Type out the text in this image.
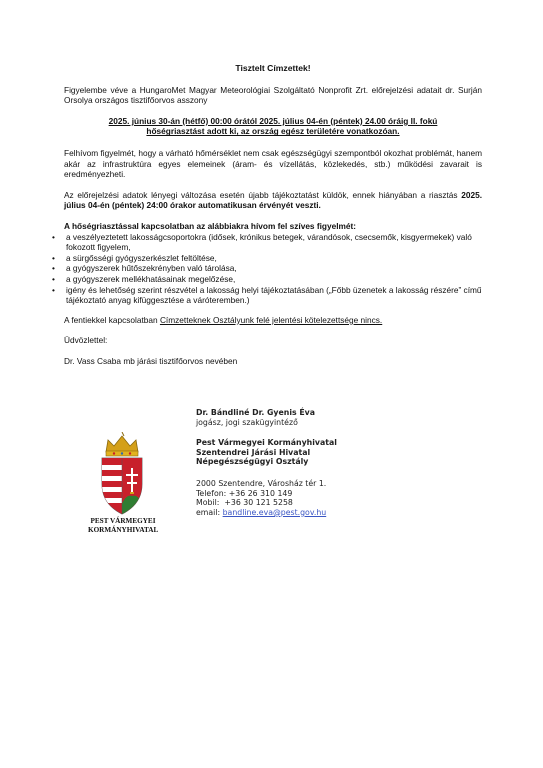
Tisztelt Címzettek!

Figyelembe véve a HungaroMet Magyar Meteorológiai Szolgáltató Nonprofit Zrt. előrejelzési adatait dr. Surján Orsolya országos tisztifőorvos asszony

2025. június 30-án (hétfő) 00:00 órától 2025. július 04-én (péntek) 24.00 óráig II. fokú
hőségriasztást adott ki, az ország egész területére vonatkozóan.

Felhívom figyelmét, hogy a várható hőmérséklet nem csak egészségügyi szempontból okozhat problémát, hanem akár az infrastruktúra egyes elemeinek (áram- és vízellátás, közlekedés, stb.) működési zavarait is eredményezheti.

Az előrejelzési adatok lényegi változása esetén újabb tájékoztatást küldök, ennek hiányában a riasztás 2025. július 04-én (péntek) 24:00 órakor automatikusan érvényét veszti.

A hőségriasztással kapcsolatban az alábbiakra hívom fel szíves figyelmét:
• a veszélyeztetett lakosságcsoportokra (idősek, krónikus betegek, várandósok, csecsemők, kisgyermekek) való fokozott figyelem,
• a sürgősségi gyógyszerkészlet feltöltése,
• a gyógyszerek hűtőszekrényben való tárolása,
• a gyógyszerek mellékhatásainak megelőzése,
• igény és lehetőség szerint részvétel a lakosság helyi tájékoztatásában („Főbb üzenetek a lakosság részére” című tájékoztató anyag kifüggesztése a váróteremben.)

A fentiekkel kapcsolatban Címzetteknek Osztályunk felé jelentési kötelezettsége nincs.

Üdvözlettel:

Dr. Vass Csaba mb járási tisztifőorvos nevében

PEST VÁRMEGYEI
KORMÁNYHIVATAL
Dr. Bándliné Dr. Gyenis Éva
jogász, jogi szakügyintéző
Pest Vármegyei Kormányhivatal
Szentendrei Járási Hivatal
Népegészségügyi Osztály
2000 Szentendre, Városház tér 1.
Telefon: +36 26 310 149
Mobil:  +36 30 121 5258
email: bandline.eva@pest.gov.hu
